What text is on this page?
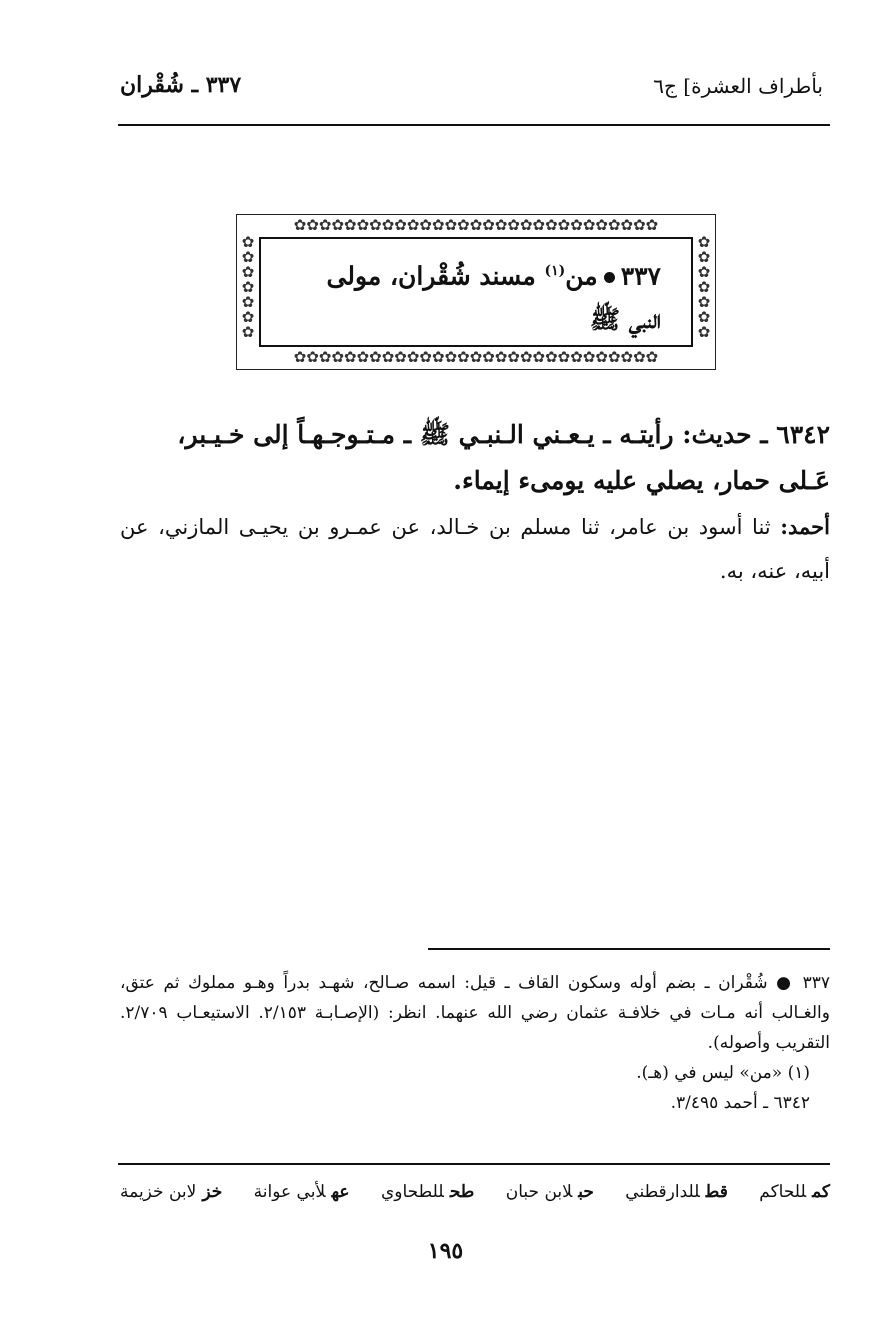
٣٣٧ ـ شُقْران	بأطراف العشرة] ج٦
✿✿✿✿✿✿✿✿✿✿✿✿✿✿✿✿✿✿✿✿✿✿✿✿✿✿✿✿✿
✿✿✿✿✿✿✿✿✿✿✿✿✿✿✿✿✿✿✿✿✿✿✿✿✿✿✿✿✿
✿✿✿✿✿✿✿
✿✿✿✿✿✿✿
٣٣٧من$^{(١)}$ مسند شُقْران، مولى
النبي ﷺ
٦٣٤٢ ـ حديث: رأيتـه ـ يـعـني الـنبـي ﷺ ـ مـتـوجـهـاً إلى خـيـبر،
عَـلى حمار، يصلي عليه يومىء إيماء.
أحمد: ثنا أسود بن عامر، ثنا مسلم بن خـالد، عن عمـرو بن يحيـى المازني، عن أبيه، عنه، به.

٣٣٧ ● شُقْران ـ بضم أوله وسكون القاف ـ قيل: اسمه صـالح، شهـد بدراً وهـو مملوك ثم عتق، والغـالب أنه مـات في خلافـة عثمان رضي الله عنهما. انظر: (الإصـابـة ٢/١٥٣. الاستيعـاب ٢/٧٠٩. التقريب وأصوله).

(١) «من» ليس في (هـ).

٦٣٤٢ ـ أحمد ٣/٤٩٥.

خزلابن خزيمة	عهلأبي عوانة	طحللطحاوي	حبلابن حبان	قطللدارقطني	كمللحاكم
١٩٥
